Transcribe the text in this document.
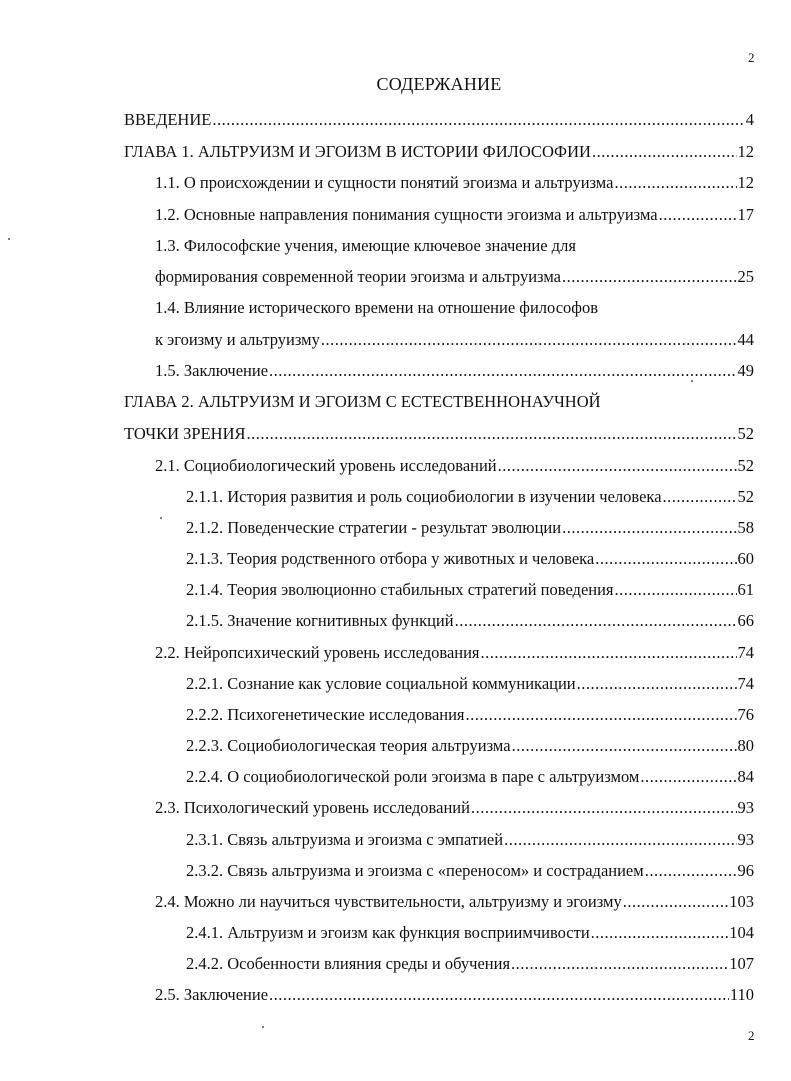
2
СОДЕРЖАНИЕ
ВВЕДЕНИЕ .....	4
ГЛАВА 1. АЛЬТРУИЗМ И ЭГОИЗМ В ИСТОРИИ ФИЛОСОФИИ .....	12
1.1. О происхождении и сущности понятий эгоизма и альтруизма .....	12
1.2. Основные направления понимания сущности эгоизма и альтруизма .....	17
1.3. Философские учения, имеющие ключевое значение для
формирования современной теории эгоизма и альтруизма .....	25
1.4. Влияние исторического времени на отношение философов
к эгоизму и альтруизму .....	44
1.5. Заключение .....	49
ГЛАВА 2. АЛЬТРУИЗМ И ЭГОИЗМ С ЕСТЕСТВЕННОНАУЧНОЙ
ТОЧКИ ЗРЕНИЯ .....	52
2.1. Социобиологический уровень исследований .....	52
2.1.1. История развития и роль социобиологии в изучении человека .....	52
2.1.2. Поведенческие стратегии - результат эволюции .....	58
2.1.3. Теория родственного отбора у животных и человека .....	60
2.1.4. Теория эволюционно стабильных стратегий поведения .....	61
2.1.5. Значение когнитивных функций .....	66
2.2. Нейропсихический уровень исследования .....	74
2.2.1. Сознание как условие социальной коммуникации .....	74
2.2.2. Психогенетические исследования .....	76
2.2.3. Социобиологическая теория альтруизма .....	80
2.2.4. О социобиологической роли эгоизма в паре с альтруизмом .....	84
2.3. Психологический уровень исследований .....	93
2.3.1. Связь альтруизма и эгоизма с эмпатией .....	93
2.3.2. Связь альтруизма и эгоизма с «переносом» и состраданием .....	96
2.4. Можно ли научиться чувствительности, альтруизму и эгоизму .....	103
2.4.1. Альтруизм и эгоизм как функция восприимчивости .....	104
2.4.2. Особенности влияния среды и обучения .....	107
2.5. Заключение .....	110
2
